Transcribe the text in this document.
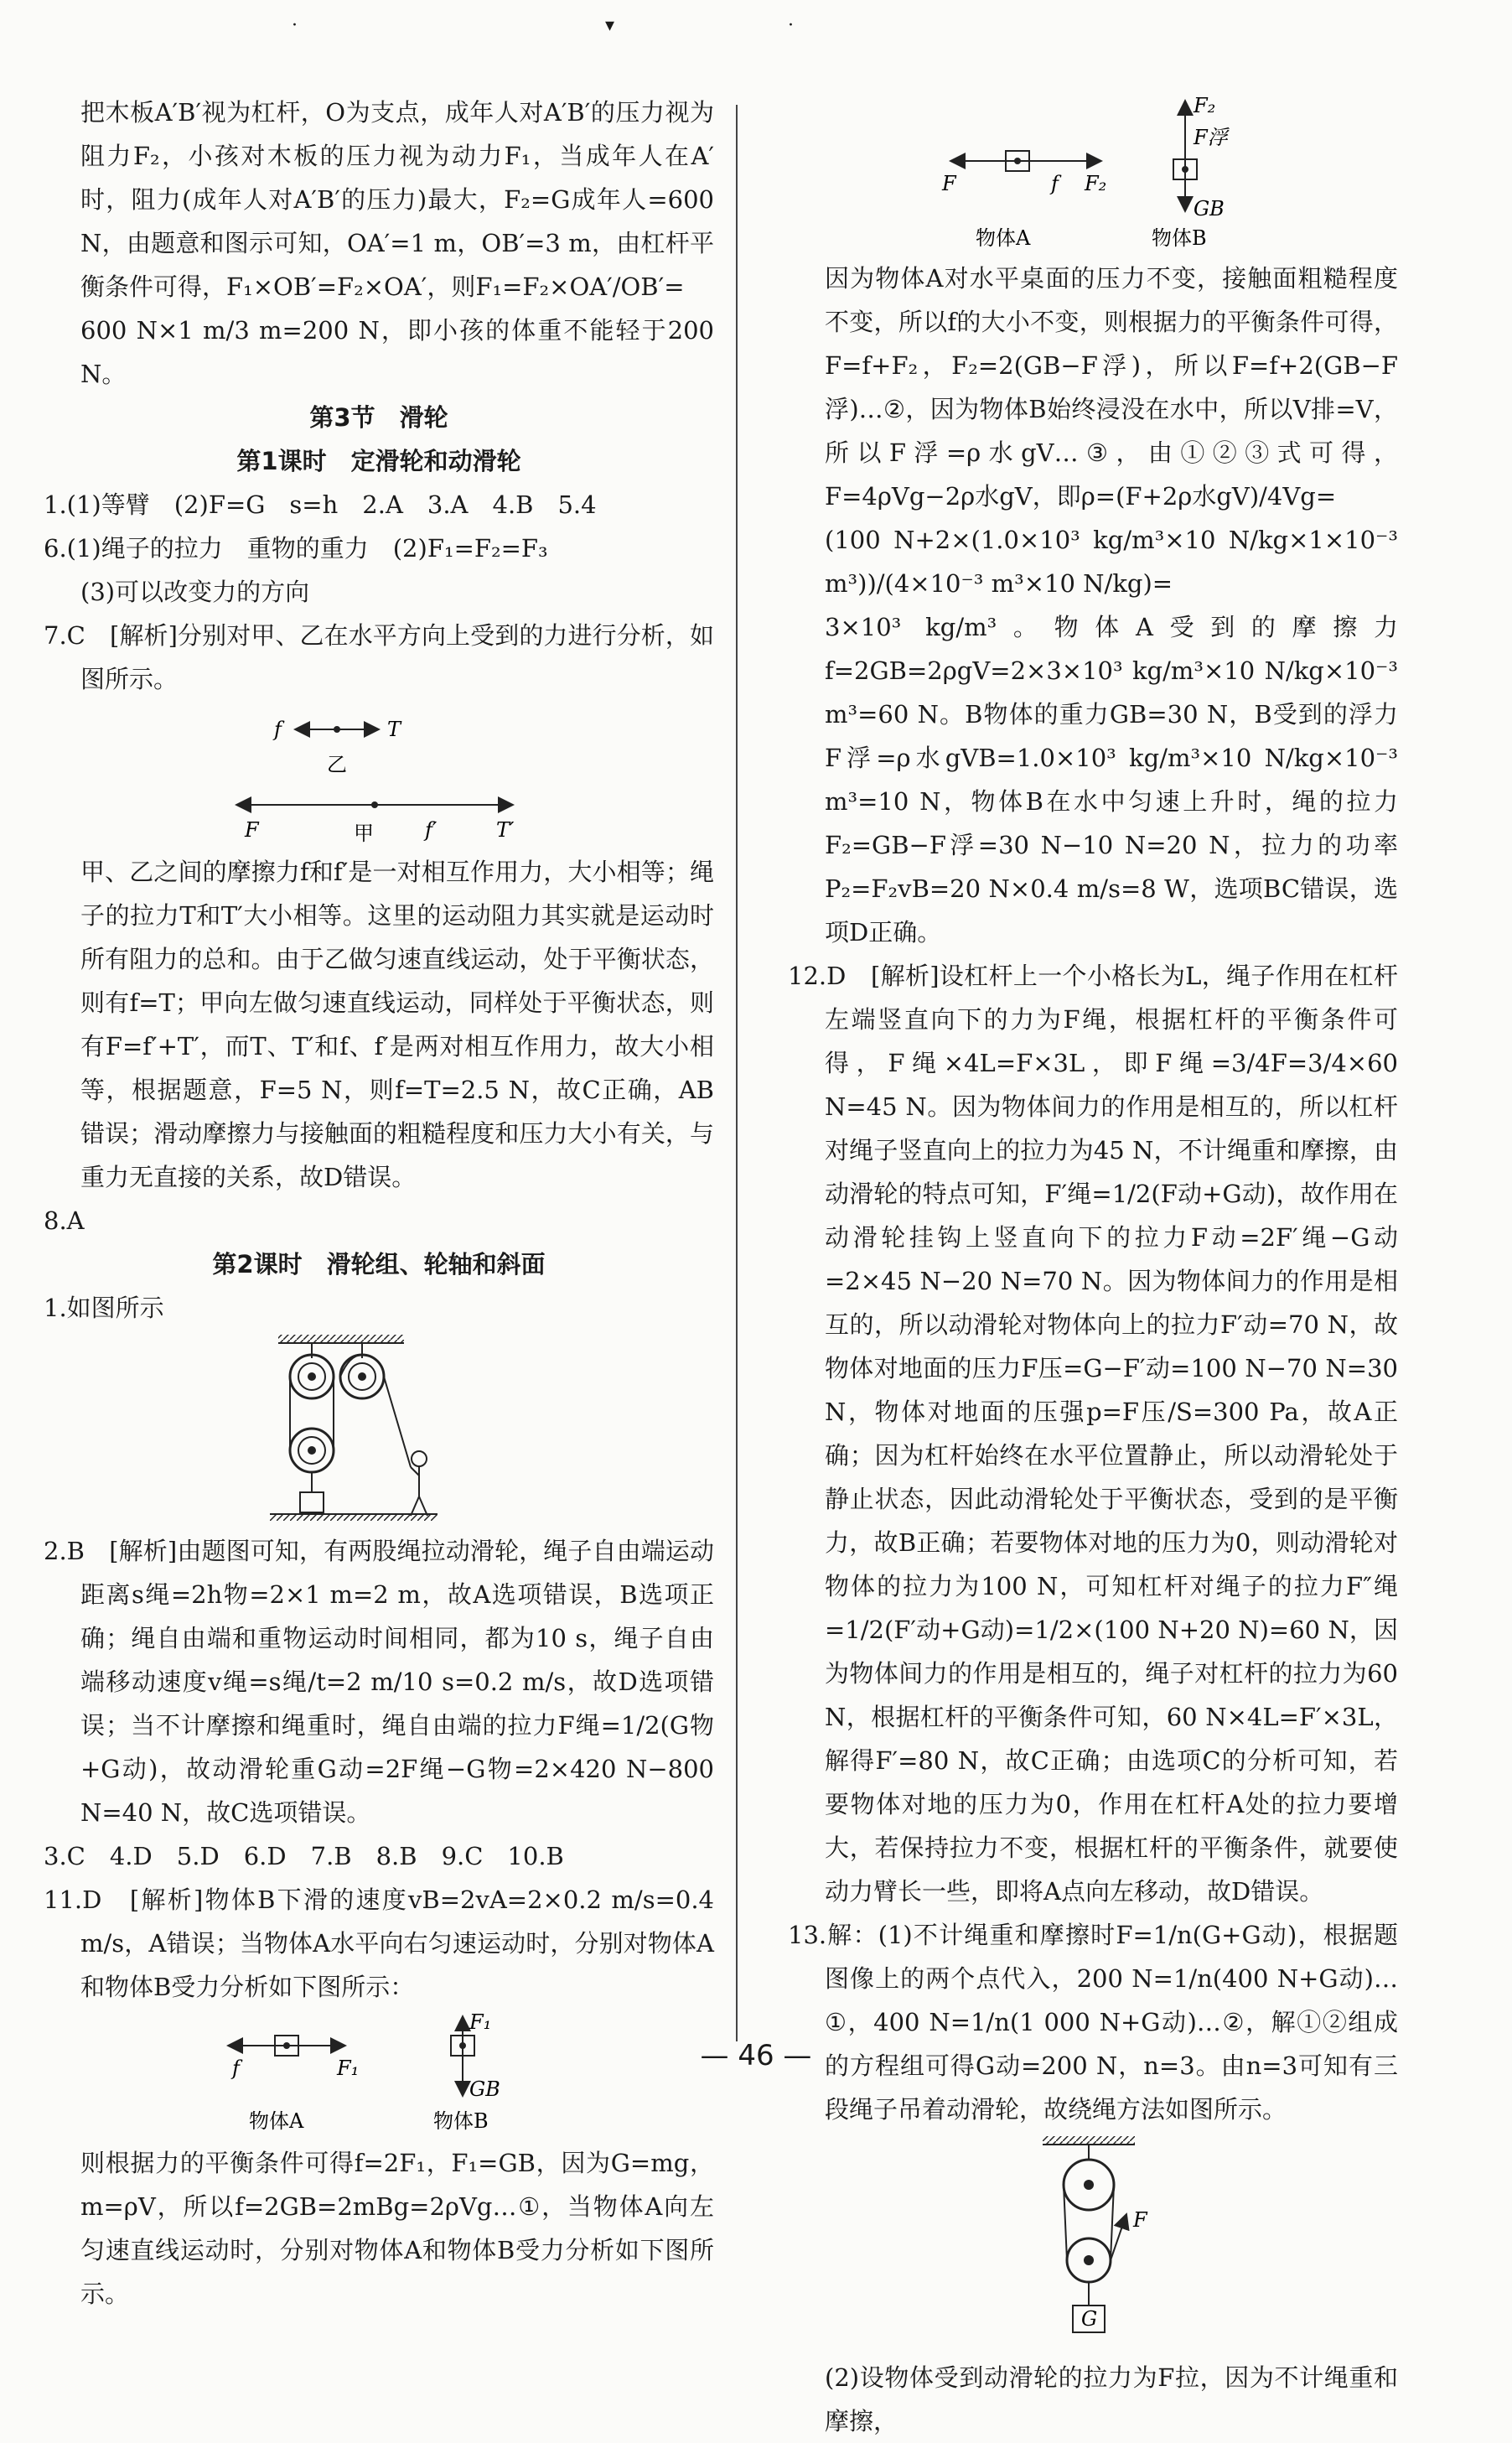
·	▾	·

把木板A′B′视为杠杆，O为支点，成年人对A′B′的压力视为阻力F₂，小孩对木板的压力视为动力F₁，当成年人在A′时，阻力(成年人对A′B′的压力)最大，F₂=G成年人=600 N，由题意和图示可知，OA′=1 m，OB′=3 m，由杠杆平衡条件可得，F₁×OB′=F₂×OA′，则F₁=F₂×OA′/OB′=

600 N×1 m/3 m=200 N，即小孩的体重不能轻于200 N。

第3节　滑轮

第1课时　定滑轮和动滑轮

1.(1)等臂　(2)F=G　s=h　2.A　3.A　4.B　5.4

6.(1)绳子的拉力　重物的重力　(2)F₁=F₂=F₃

(3)可以改变力的方向

7.C　[解析]分别对甲、乙在水平方向上受到的力进行分析，如图所示。

f	T
乙
F	甲	f′	T′

甲、乙之间的摩擦力f和f′是一对相互作用力，大小相等；绳子的拉力T和T′大小相等。这里的运动阻力其实就是运动时所有阻力的总和。由于乙做匀速直线运动，处于平衡状态，则有f=T；甲向左做匀速直线运动，同样处于平衡状态，则有F=f′+T′，而T、T′和f、f′是两对相互作用力，故大小相等，根据题意，F=5 N，则f=T=2.5 N，故C正确，AB错误；滑动摩擦力与接触面的粗糙程度和压力大小有关，与重力无直接的关系，故D错误。

8.A

第2课时　滑轮组、轮轴和斜面

1.如图所示

2.B　[解析]由题图可知，有两股绳拉动滑轮，绳子自由端运动距离s绳=2h物=2×1 m=2 m，故A选项错误，B选项正确；绳自由端和重物运动时间相同，都为10 s，绳子自由端移动速度v绳=s绳/t=2 m/10 s=0.2 m/s，故D选项错误；当不计摩擦和绳重时，绳自由端的拉力F绳=1/2(G物+G动)，故动滑轮重G动=2F绳−G物=2×420 N−800 N=40 N，故C选项错误。

3.C　4.D　5.D　6.D　7.B　8.B　9.C　10.B

11.D　[解析]物体B下滑的速度vB=2vA=2×0.2 m/s=0.4 m/s，A错误；当物体A水平向右匀速运动时，分别对物体A和物体B受力分析如下图所示：

f	F₁
F₁
GB
物体A	物体B

则根据力的平衡条件可得f=2F₁，F₁=GB，因为G=mg，m=ρV，所以f=2GB=2mBg=2ρVg…①，当物体A向左匀速直线运动时，分别对物体A和物体B受力分析如下图所示。

F	f F₂
F₂
F浮
GB
物体A	物体B

因为物体A对水平桌面的压力不变，接触面粗糙程度不变，所以f的大小不变，则根据力的平衡条件可得，F=f+F₂，F₂=2(GB−F浮)，所以F=f+2(GB−F浮)…②，因为物体B始终浸没在水中，所以V排=V，所以F浮=ρ水gV…③，由①②③式可得，F=4ρVg−2ρ水gV，即ρ=(F+2ρ水gV)/4Vg=

(100 N+2×(1.0×10³ kg/m³×10 N/kg×1×10⁻³ m³))/(4×10⁻³ m³×10 N/kg)=

3×10³ kg/m³。物体A受到的摩擦力f=2GB=2ρgV=2×3×10³ kg/m³×10 N/kg×10⁻³ m³=60 N。B物体的重力GB=30 N，B受到的浮力F浮=ρ水gVB=1.0×10³ kg/m³×10 N/kg×10⁻³ m³=10 N，物体B在水中匀速上升时，绳的拉力F₂=GB−F浮=30 N−10 N=20 N，拉力的功率P₂=F₂vB=20 N×0.4 m/s=8 W，选项BC错误，选项D正确。

12.D　[解析]设杠杆上一个小格长为L，绳子作用在杠杆左端竖直向下的力为F绳，根据杠杆的平衡条件可得，F绳×4L=F×3L，即F绳=3/4F=3/4×60 N=45 N。因为物体间力的作用是相互的，所以杠杆对绳子竖直向上的拉力为45 N，不计绳重和摩擦，由动滑轮的特点可知，F′绳=1/2(F动+G动)，故作用在动滑轮挂钩上竖直向下的拉力F动=2F′绳−G动=2×45 N−20 N=70 N。因为物体间力的作用是相互的，所以动滑轮对物体向上的拉力F′动=70 N，故物体对地面的压力F压=G−F′动=100 N−70 N=30 N，物体对地面的压强p=F压/S=300 Pa，故A正确；因为杠杆始终在水平位置静止，所以动滑轮处于静止状态，因此动滑轮处于平衡状态，受到的是平衡力，故B正确；若要物体对地的压力为0，则动滑轮对物体的拉力为100 N，可知杠杆对绳子的拉力F″绳=1/2(F′动+G动)=1/2×(100 N+20 N)=60 N，因为物体间力的作用是相互的，绳子对杠杆的拉力为60 N，根据杠杆的平衡条件可知，60 N×4L=F′×3L，解得F′=80 N，故C正确；由选项C的分析可知，若要物体对地的压力为0，作用在杠杆A处的拉力要增大，若保持拉力不变，根据杠杆的平衡条件，就要使动力臂长一些，即将A点向左移动，故D错误。

13.解：(1)不计绳重和摩擦时F=1/n(G+G动)，根据题图像上的两个点代入，200 N=1/n(400 N+G动)…①，400 N=1/n(1 000 N+G动)…②，解①②组成的方程组可得G动=200 N，n=3。由n=3可知有三段绳子吊着动滑轮，故绕绳方法如图所示。

F
G

(2)设物体受到动滑轮的拉力为F拉，因为不计绳重和摩擦，

— 46 —
